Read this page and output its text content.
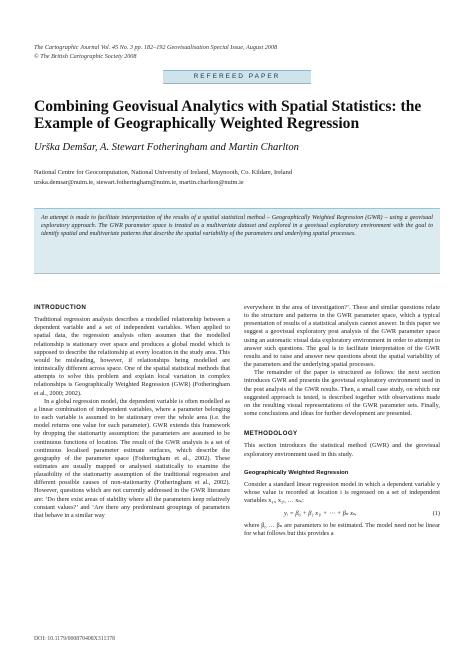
The Cartographic Journal Vol. 45 No. 3 pp. 182–192 Geovisualisation Special Issue, August 2008
© The British Cartographic Society 2008
REFEREED PAPER
Combining Geovisual Analytics with Spatial Statistics: the Example of Geographically Weighted Regression
Urška Demšar, A. Stewart Fotheringham and Martin Charlton
National Centre for Geocomputation, National University of Ireland, Maynooth, Co. Kildare, Ireland
urska.demsar@nuim.ie, stewart.fotheringham@nuim.ie, martin.charlton@nuim.ie

An attempt is made to facilitate interpretation of the results of a spatial statistical method – Geographically Weighted Regression (GWR) – using a geovisual exploratory approach. The GWR parameter space is treated as a multivariate dataset and explored in a geovisual exploratory environment with the goal to identify spatial and multivariate patterns that describe the spatial variability of the parameters and underlying spatial processes.

INTRODUCTION

Traditional regression analysis describes a modelled relationship between a dependent variable and a set of independent variables. When applied to spatial data, the regression analysis often assumes that the modelled relationship is stationary over space and produces a global model which is supposed to describe the relationship at every location in the study area. This would be misleading, however, if relationships being modelled are intrinsically different across space. One of the spatial statistical methods that attempts to solve this problem and explain local variation in complex relationships is Geographically Weighted Regression (GWR) (Fotheringham et al., 2000; 2002).

In a global regression model, the dependent variable is often modelled as a linear combination of independent variables, where a parameter belonging to each variable is assumed to be stationary over the whole area (i.e. the model returns one value for each parameter). GWR extends this framework by dropping the stationarity assumption: the parameters are assumed to be continuous functions of location. The result of the GWR analysis is a set of continuous localised parameter estimate surfaces, which describe the geography of the parameter space (Fotheringham et al., 2002). These estimates are usually mapped or analysed statistically to examine the plausibility of the stationarity assumption of the traditional regression and different possible causes of non-stationarity (Fotheringham et al., 2002). However, questions which are not currently addressed in the GWR literature are: ‘Do there exist areas of stability where all the parameters keep relatively constant values?’ and ‘Are there any predominant groupings of parameters that behave in a similar way

everywhere in the area of investigation?’. These and similar questions relate to the structure and patterns in the GWR parameter space, which a typical presentation of results of a statistical analysis cannot answer. In this paper we suggest a geovisual exploratory post analysis of the GWR parameter space using an automatic visual data exploratory environment in order to attempt to answer such questions. The goal is to facilitate interpretation of the GWR results and to raise and answer new questions about the spatial variability of the parameters and the underlying spatial processes.

The remainder of the paper is structured as follows: the next section introduces GWR and presents the geovisual exploratory environment used in the post analysis of the GWR results. Then, a small case study, on which our suggested approach is tested, is described together with observations made on the resulting visual representations of the GWR parameter sets. Finally, some conclusions and ideas for further development are presented.

METHODOLOGY

This section introduces the statistical method (GWR) and the geovisual exploratory environment used in this study.

Geographically Weighted Regression

Consider a standard linear regression model in which a dependent variable y whose value is recorded at location i is regressed on a set of independent variables x₁ᵢ, x₂ᵢ, … xₙᵢ:

yᵢ = β₀ + β₁ x₁ᵢ + ⋯ + βₙ xₙᵢ	(1)

where β₀ … βₙ are parameters to be estimated. The model need not be linear for what follows but this provides a

DOI: 10.1179/000870408X311378
